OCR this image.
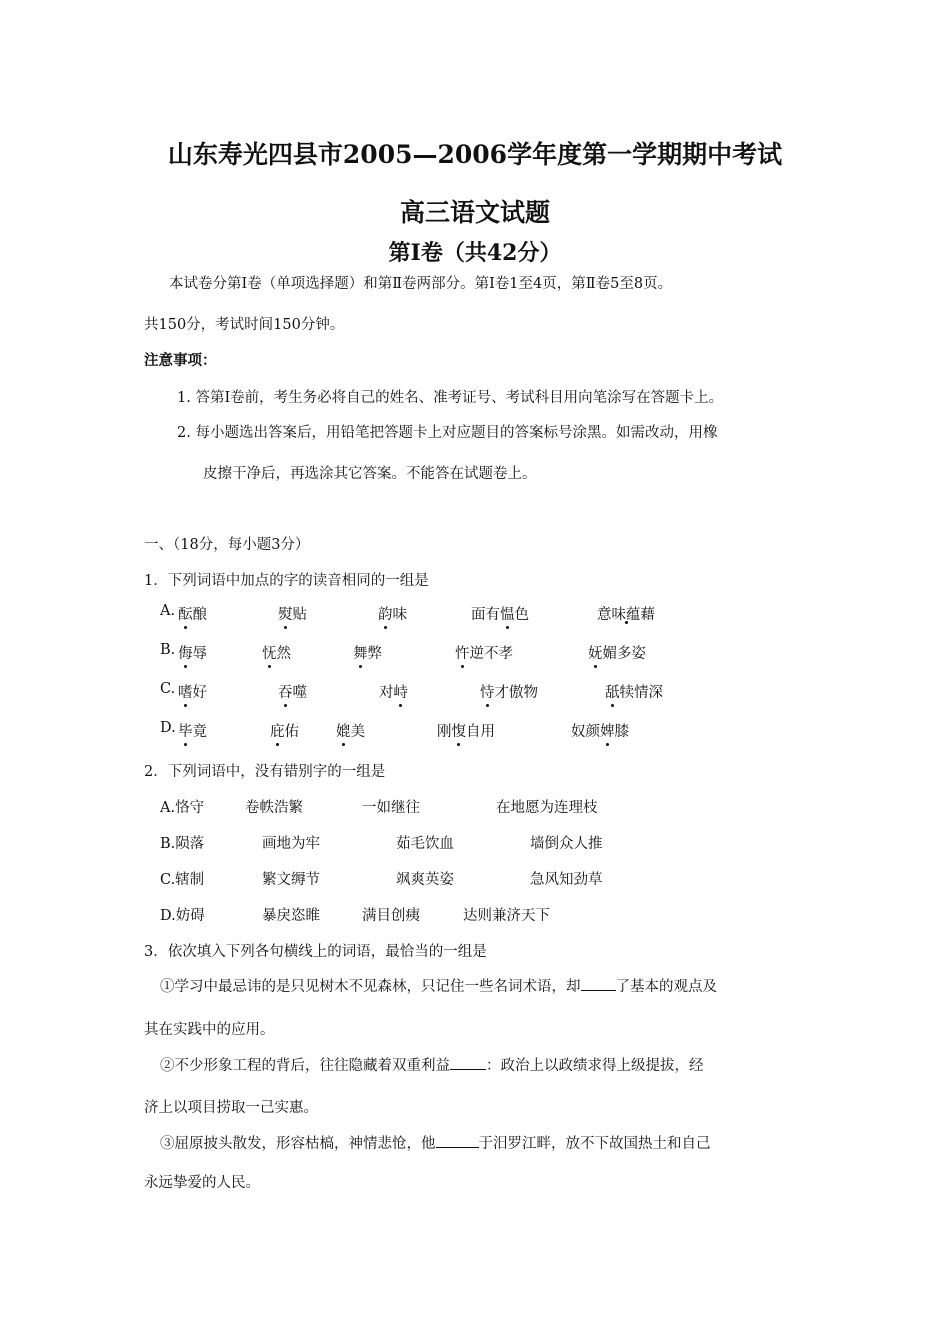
山东寿光四县市2005—2006学年度第一学期期中考试
高三语文试题
第Ⅰ卷（共42分）
本试卷分第Ⅰ卷（单项选择题）和第Ⅱ卷两部分。第Ⅰ卷1至4页，第Ⅱ卷5至8页。
共150分，考试时间150分钟。
注意事项：
1. 答第Ⅰ卷前，考生务必将自己的姓名、准考证号、考试科目用向笔涂写在答题卡上。
2. 每小题选出答案后，用铅笔把答题卡上对应题目的答案标号涂黑。如需改动，用橡
皮擦干净后，再选涂其它答案。不能答在试题卷上。
一、（18分，每小题3分）
1．下列词语中加点的字的读音相同的一组是
A. 酝酿	熨贴	韵味	面有愠色	意味蕴藉
B. 侮辱	怃然	舞弊	忤逆不孝	妩媚多姿
C. 嗜好	吞噬	对峙	恃才傲物	舐犊情深
D. 毕竟	庇佑	媲美	刚愎自用	奴颜婢膝
2．下列词语中，没有错别字的一组是
A.恪守	卷帙浩繁	一如继往	在地愿为连理枝
B.陨落	画地为牢	茹毛饮血	墙倒众人推
C.辖制	繁文缛节	飒爽英姿	急风知劲草
D.妨碍	暴戾恣睢	满目创痍	达则兼济天下
3．依次填入下列各句横线上的词语，最恰当的一组是
①学习中最忌讳的是只见树木不见森林，只记住一些名词术语，却 了基本的观点及
其在实践中的应用。
②不少形象工程的背后，往往隐藏着双重利益 ：政治上以政绩求得上级提拔，经
济上以项目捞取一己实惠。
③屈原披头散发，形容枯槁，神情悲怆，他	于汨罗江畔，放不下故国热土和自己
永远挚爱的人民。
